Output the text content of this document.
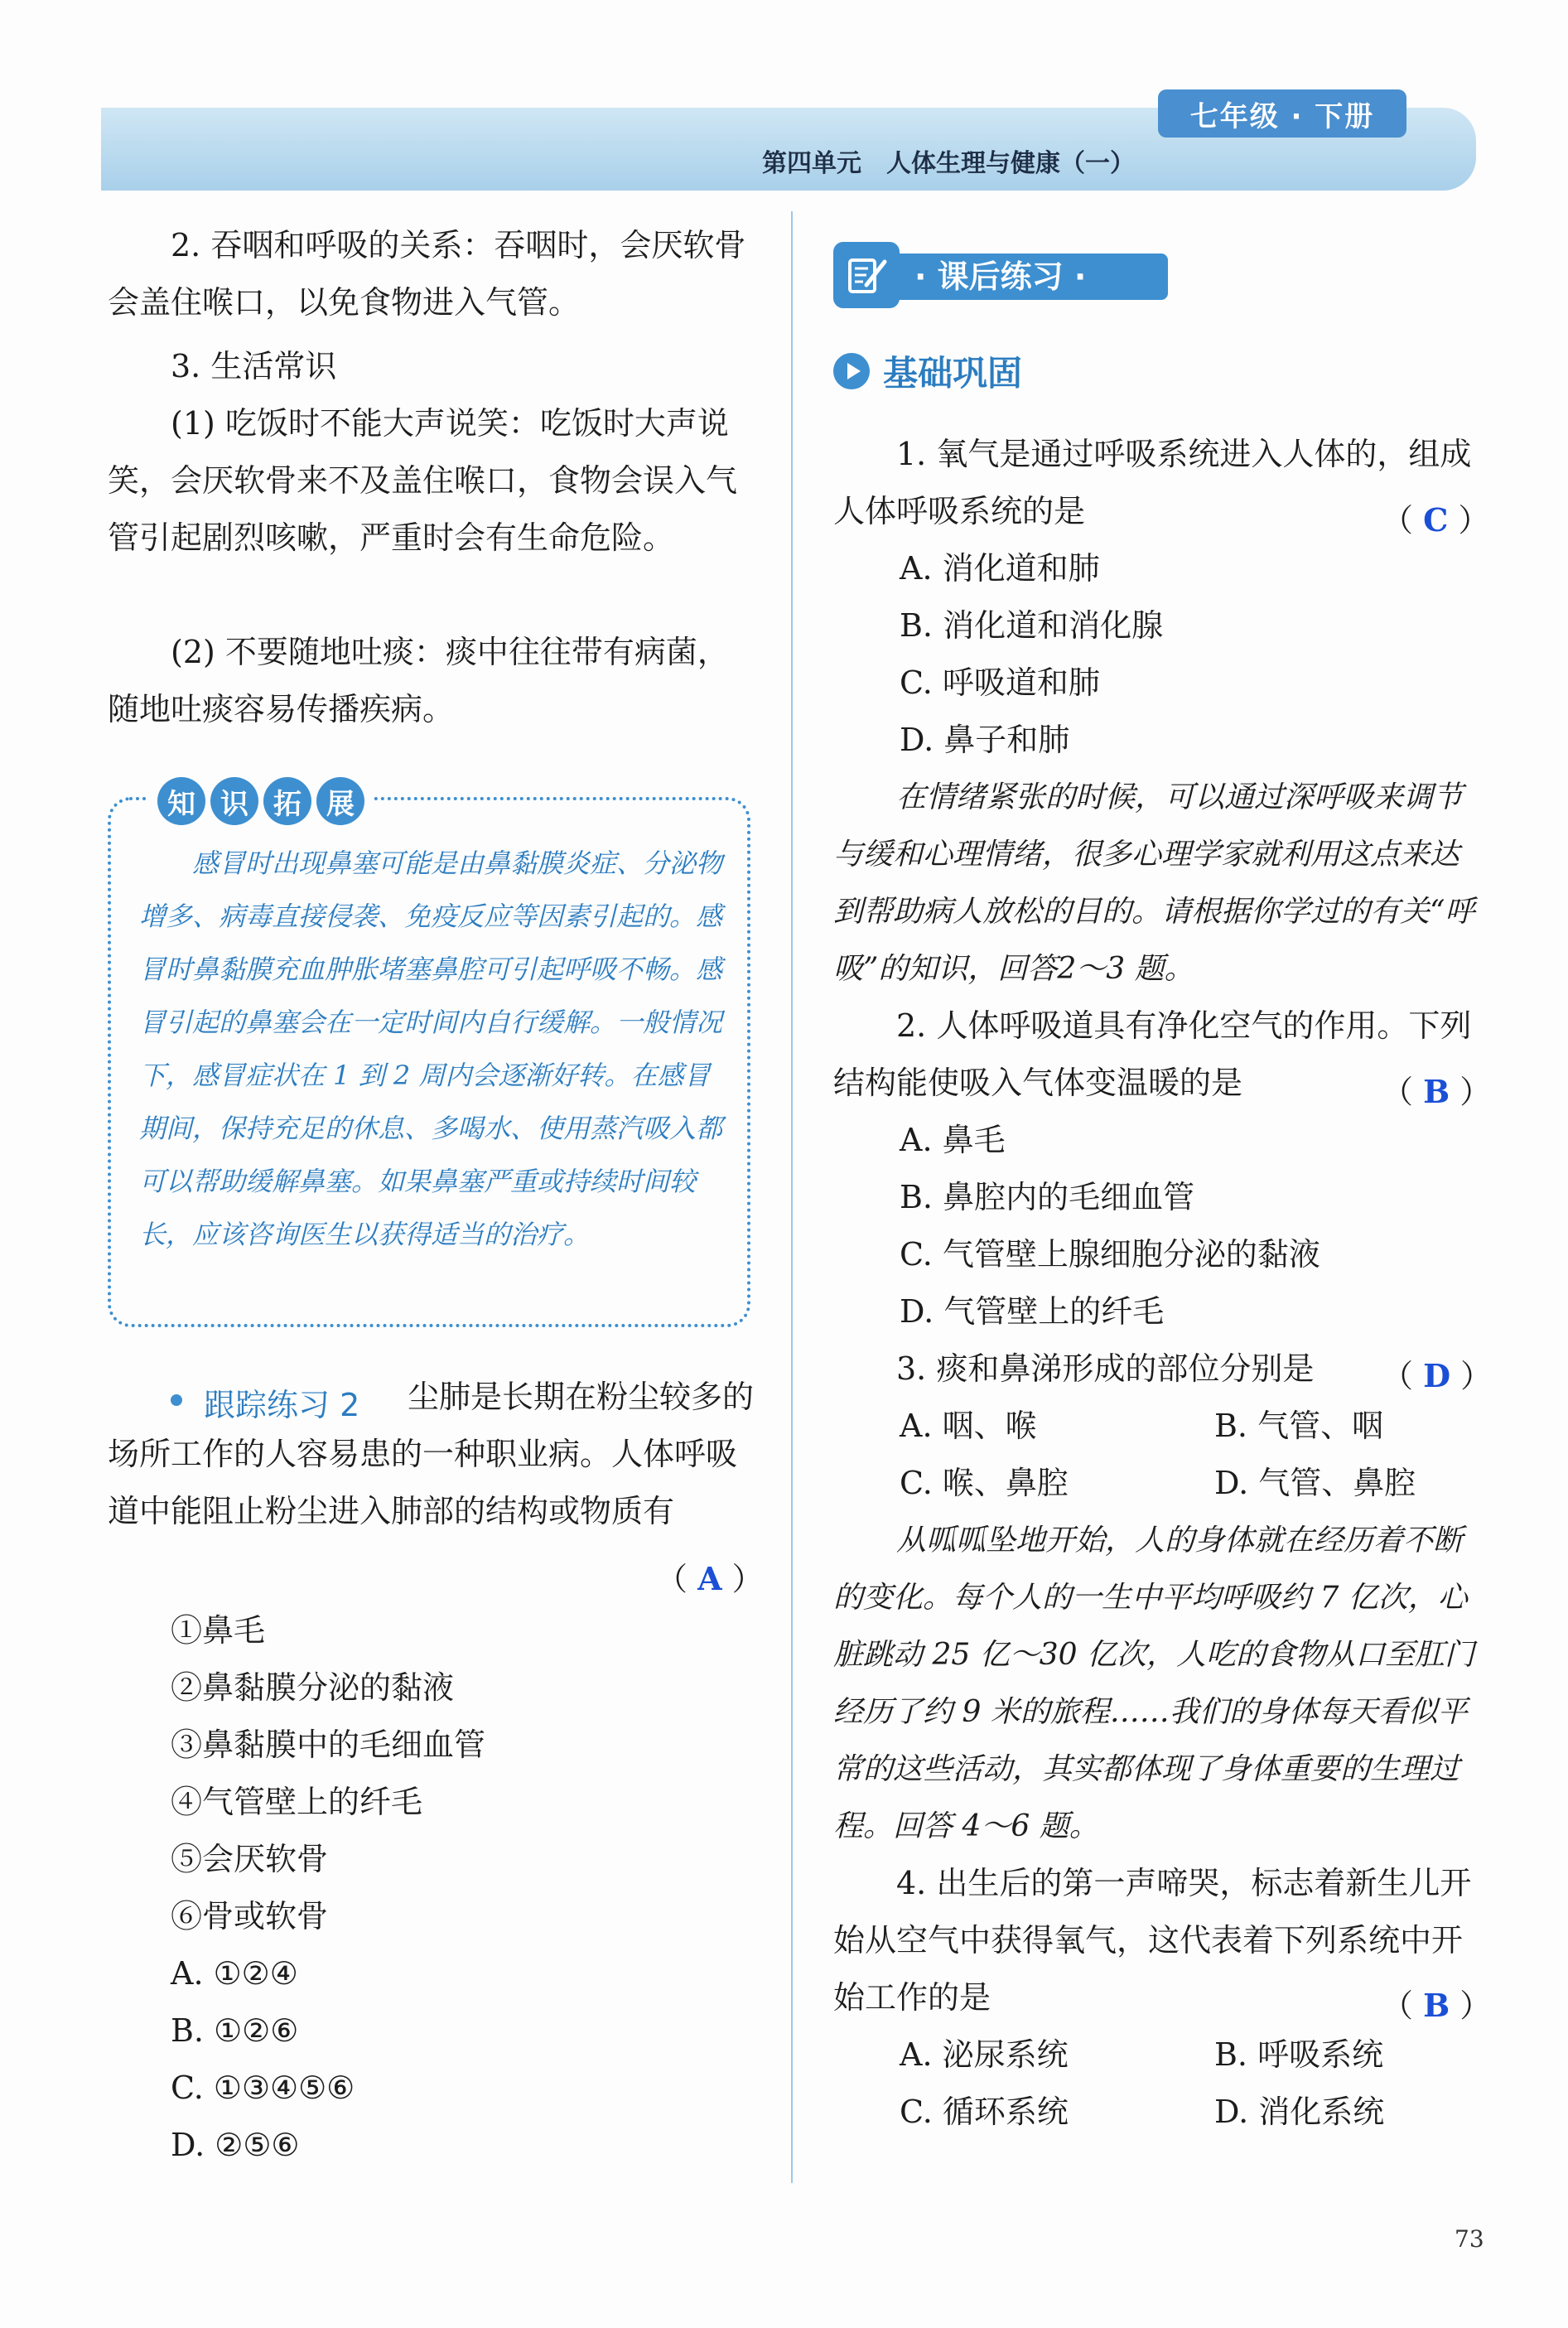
七年级 · 下册
第四单元　人体生理与健康（一）
2. 吞咽和呼吸的关系：吞咽时，会厌软骨会盖住喉口，以免食物进入气管。
3. 生活常识
(1) 吃饭时不能大声说笑：吃饭时大声说笑，会厌软骨来不及盖住喉口，食物会误入气管引起剧烈咳嗽，严重时会有生命危险。
(2) 不要随地吐痰：痰中往往带有病菌，随地吐痰容易传播疾病。
知 识 拓 展
感冒时出现鼻塞可能是由鼻黏膜炎症、分泌物增多、病毒直接侵袭、免疫反应等因素引起的。感冒时鼻黏膜充血肿胀堵塞鼻腔可引起呼吸不畅。感冒引起的鼻塞会在一定时间内自行缓解。一般情况下，感冒症状在 1 到 2 周内会逐渐好转。在感冒期间，保持充足的休息、多喝水、使用蒸汽吸入都可以帮助缓解鼻塞。如果鼻塞严重或持续时间较长，应该咨询医生以获得适当的治疗。
跟踪练习 2	尘肺是长期在粉尘较多的场所工作的人容易患的一种职业病。人体呼吸道中能阻止粉尘进入肺部的结构或物质有
（ A ）
①鼻毛
②鼻黏膜分泌的黏液
③鼻黏膜中的毛细血管
④气管壁上的纤毛
⑤会厌软骨
⑥骨或软骨
A. ①②④
B. ①②⑥
C. ①③④⑤⑥
D. ②⑤⑥
· 课后练习 ·
基础巩固
1. 氧气是通过呼吸系统进入人体的，组成人体呼吸系统的是	（ C ）
A. 消化道和肺
B. 消化道和消化腺
C. 呼吸道和肺
D. 鼻子和肺
在情绪紧张的时候，可以通过深呼吸来调节与缓和心理情绪，很多心理学家就利用这点来达到帮助病人放松的目的。请根据你学过的有关“呼吸”的知识，回答2～3 题。
2. 人体呼吸道具有净化空气的作用。下列结构能使吸入气体变温暖的是	（ B ）
A. 鼻毛
B. 鼻腔内的毛细血管
C. 气管壁上腺细胞分泌的黏液
D. 气管壁上的纤毛
3. 痰和鼻涕形成的部位分别是	（ D ）
A. 咽、喉	B. 气管、咽
C. 喉、鼻腔	D. 气管、鼻腔
从呱呱坠地开始，人的身体就在经历着不断的变化。每个人的一生中平均呼吸约 7 亿次，心脏跳动 25 亿～30 亿次，人吃的食物从口至肛门经历了约 9 米的旅程……我们的身体每天看似平常的这些活动，其实都体现了身体重要的生理过程。回答 4～6 题。
4. 出生后的第一声啼哭，标志着新生儿开始从空气中获得氧气，这代表着下列系统中开始工作的是	（ B ）
A. 泌尿系统	B. 呼吸系统
C. 循环系统	D. 消化系统
73
